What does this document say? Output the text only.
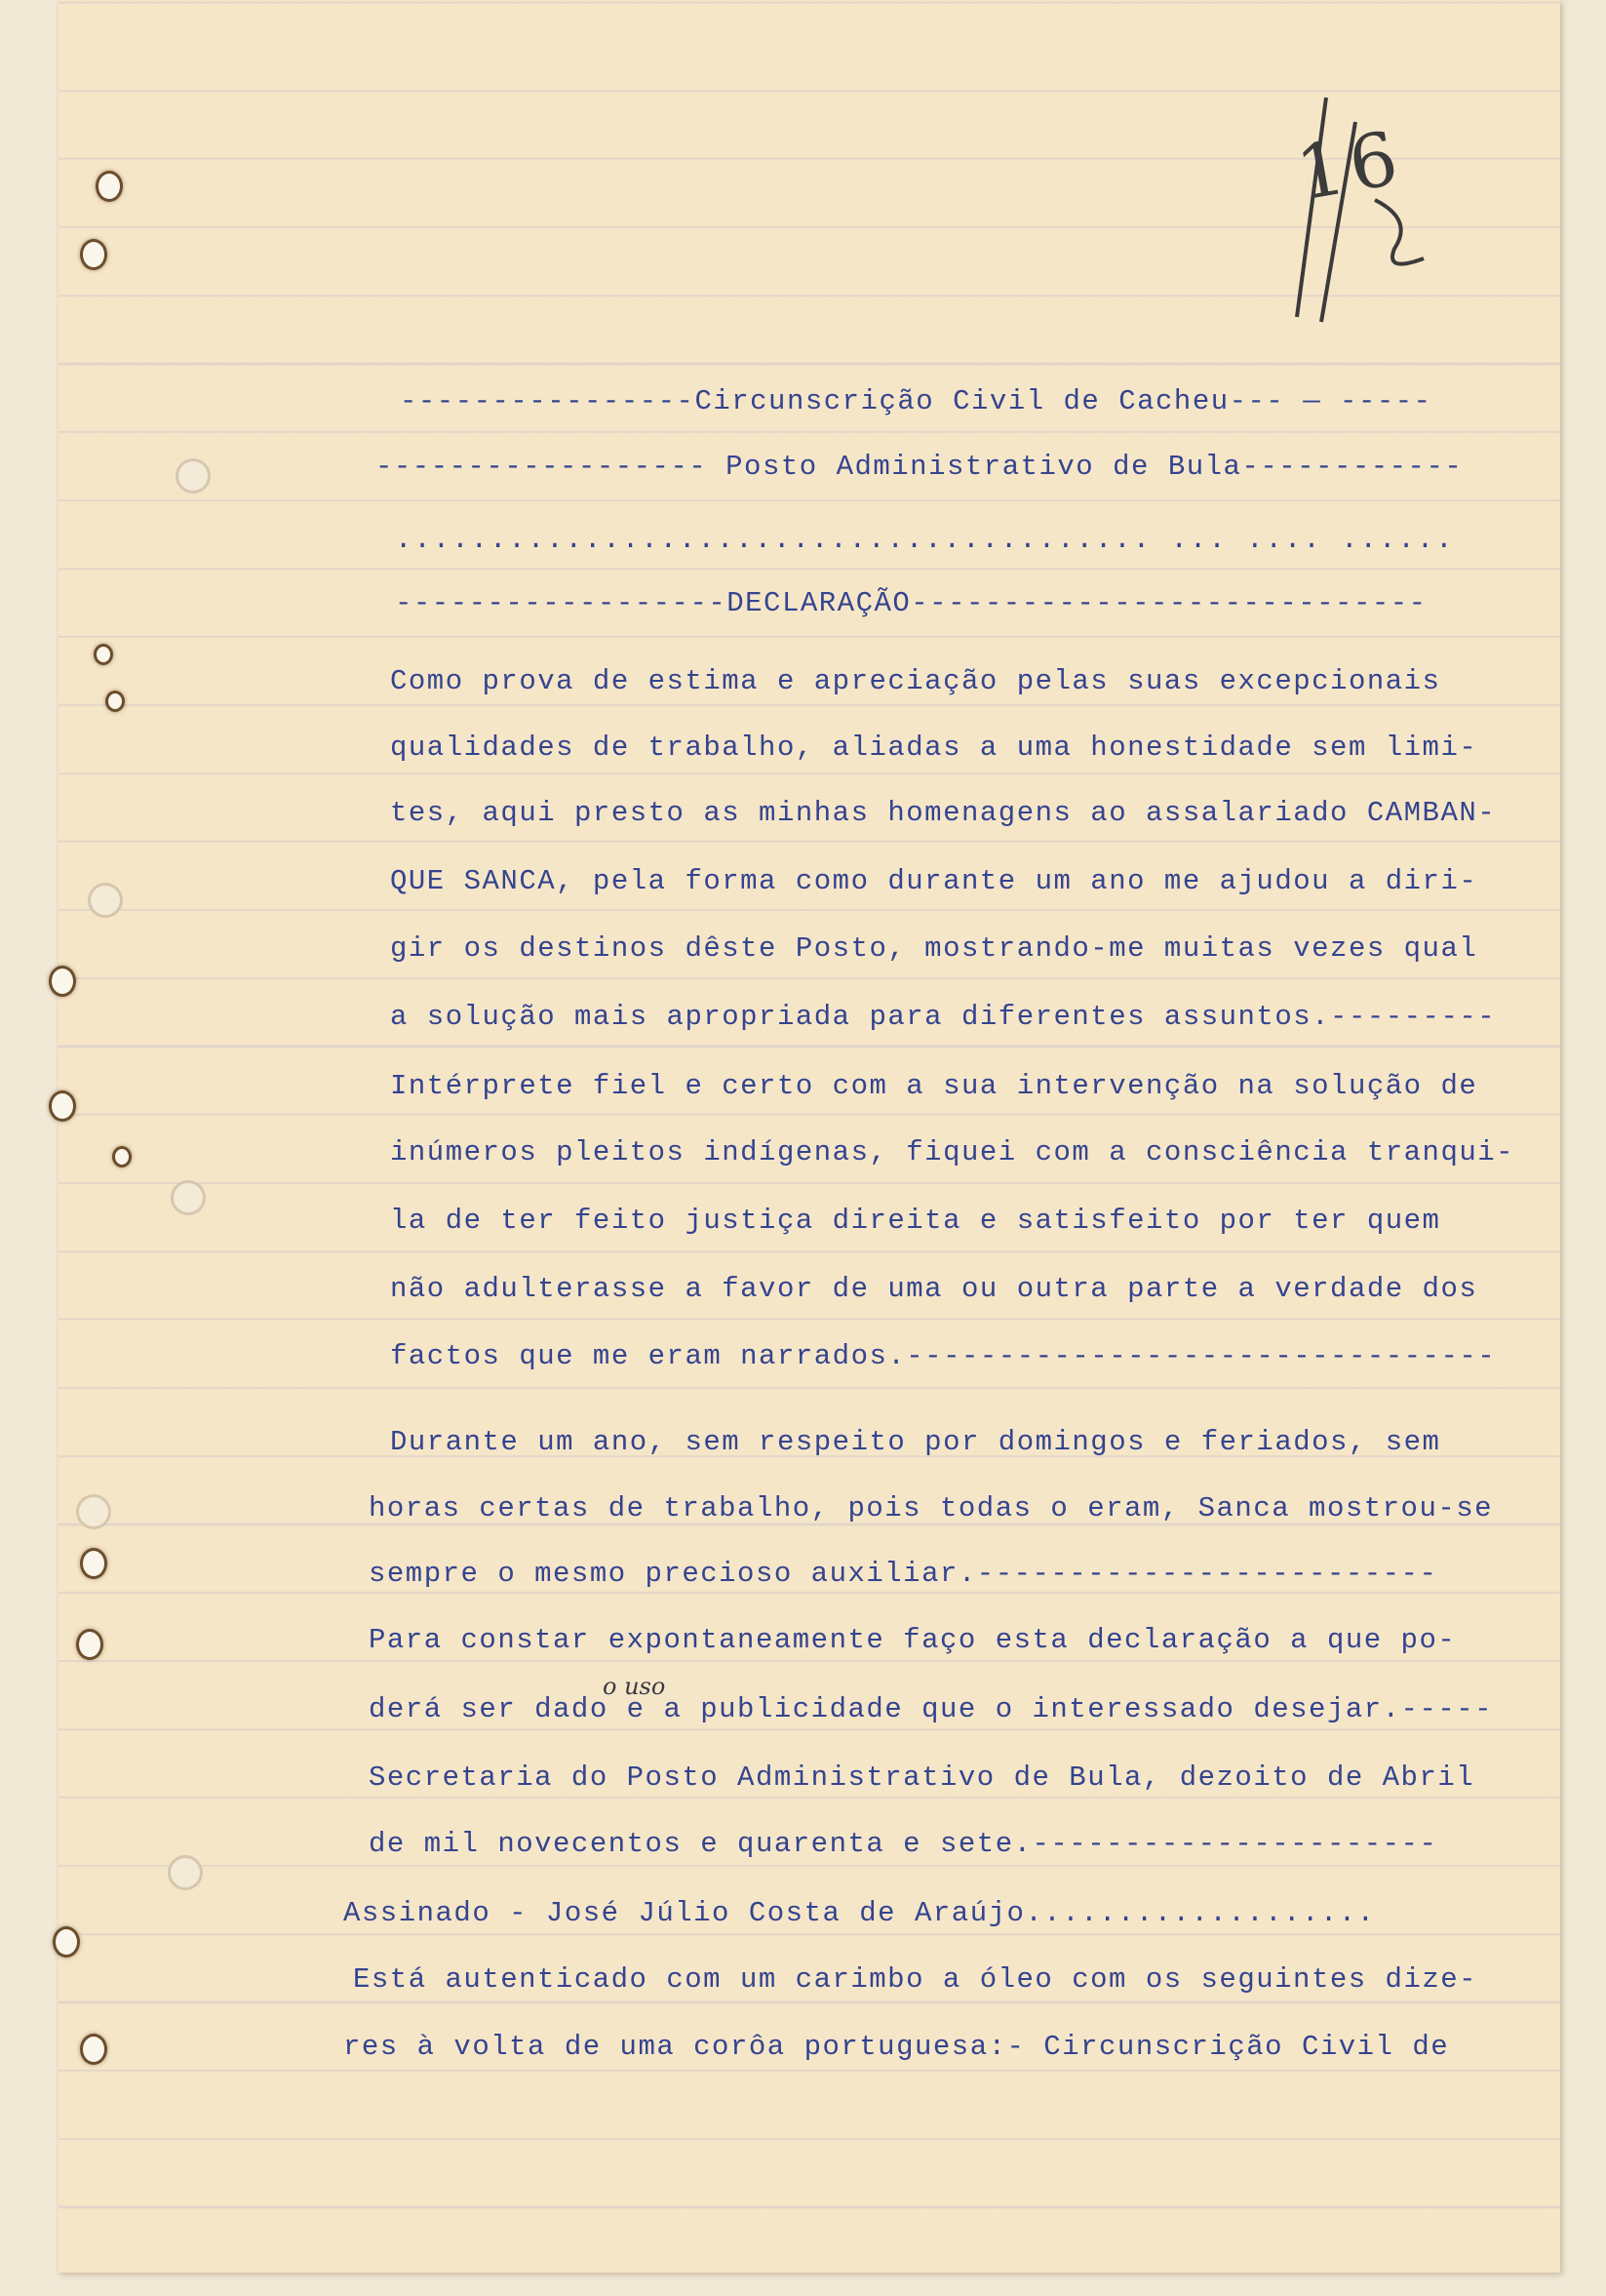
16
----------------Circunscrição Civil de Cacheu--- — -----
------------------ Posto Administrativo de Bula------------
........................................ ... .... ......
------------------DECLARAÇÃO----------------------------
Como prova de estima e apreciação pelas suas excepcionais
qualidades de trabalho, aliadas a uma honestidade sem limi-
tes, aqui presto as minhas homenagens ao assalariado CAMBAN-
QUE SANCA, pela forma como durante um ano me ajudou a diri-
gir os destinos dêste Posto, mostrando-me muitas vezes qual
a solução mais apropriada para diferentes assuntos.---------
Intérprete fiel e certo com a sua intervenção na solução de
inúmeros pleitos indígenas, fiquei com a consciência tranqui-
la de ter feito justiça direita e satisfeito por ter quem
não adulterasse a favor de uma ou outra parte a verdade dos
factos que me eram narrados.--------------------------------
Durante um ano, sem respeito por domingos e feriados, sem
horas certas de trabalho, pois todas o eram, Sanca mostrou-se
sempre o mesmo precioso auxiliar.-------------------------
Para constar expontaneamente faço esta declaração a que po-
derá ser dado e a publicidade que o interessado desejar.-----
o uso
Secretaria do Posto Administrativo de Bula, dezoito de Abril
de mil novecentos e quarenta e sete.----------------------
Assinado - José Júlio Costa de Araújo...................
Está autenticado com um carimbo a óleo com os seguintes dize-
res à volta de uma corôa portuguesa:- Circunscrição Civil de
